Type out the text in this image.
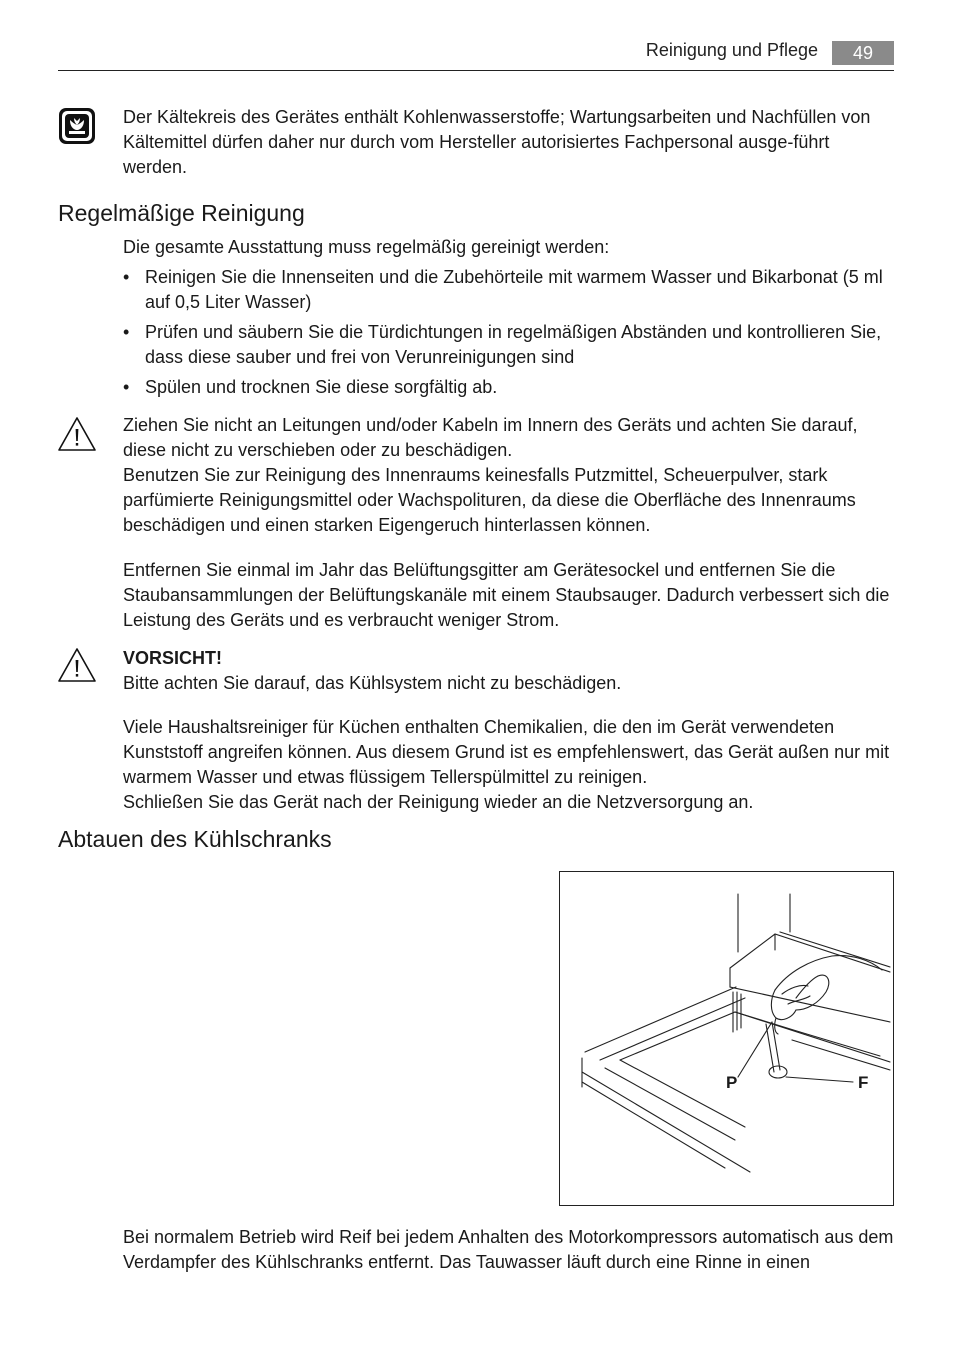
Reinigung und Pflege	49
Der Kältekreis des Gerätes enthält Kohlenwasserstoffe; Wartungsarbeiten und Nachfüllen von Kältemittel dürfen daher nur durch vom Hersteller autorisiertes Fachpersonal ausge-führt werden.
Regelmäßige Reinigung
Die gesamte Ausstattung muss regelmäßig gereinigt werden:
• Reinigen Sie die Innenseiten und die Zubehörteile mit warmem Wasser und Bikarbonat (5 ml auf 0,5 Liter Wasser)
• Prüfen und säubern Sie die Türdichtungen in regelmäßigen Abständen und kontrollieren Sie, dass diese sauber und frei von Verunreinigungen sind
• Spülen und trocknen Sie diese sorgfältig ab.
Ziehen Sie nicht an Leitungen und/oder Kabeln im Innern des Geräts und achten Sie darauf, diese nicht zu verschieben oder zu beschädigen.
Benutzen Sie zur Reinigung des Innenraums keinesfalls Putzmittel, Scheuerpulver, stark parfümierte Reinigungsmittel oder Wachspolituren, da diese die Oberfläche des Innenraums beschädigen und einen starken Eigengeruch hinterlassen können.
Entfernen Sie einmal im Jahr das Belüftungsgitter am Gerätesockel und entfernen Sie die Staubansammlungen der Belüftungskanäle mit einem Staubsauger. Dadurch verbessert sich die Leistung des Geräts und es verbraucht weniger Strom.
VORSICHT!
Bitte achten Sie darauf, das Kühlsystem nicht zu beschädigen.
Viele Haushaltsreiniger für Küchen enthalten Chemikalien, die den im Gerät verwendeten Kunststoff angreifen können. Aus diesem Grund ist es empfehlenswert, das Gerät außen nur mit warmem Wasser und etwas flüssigem Tellerspülmittel zu reinigen.
Schließen Sie das Gerät nach der Reinigung wieder an die Netzversorgung an.
Abtauen des Kühlschranks
P	F
Bei normalem Betrieb wird Reif bei jedem Anhalten des Motorkompressors automatisch aus dem Verdampfer des Kühlschranks entfernt. Das Tauwasser läuft durch eine Rinne in einen
